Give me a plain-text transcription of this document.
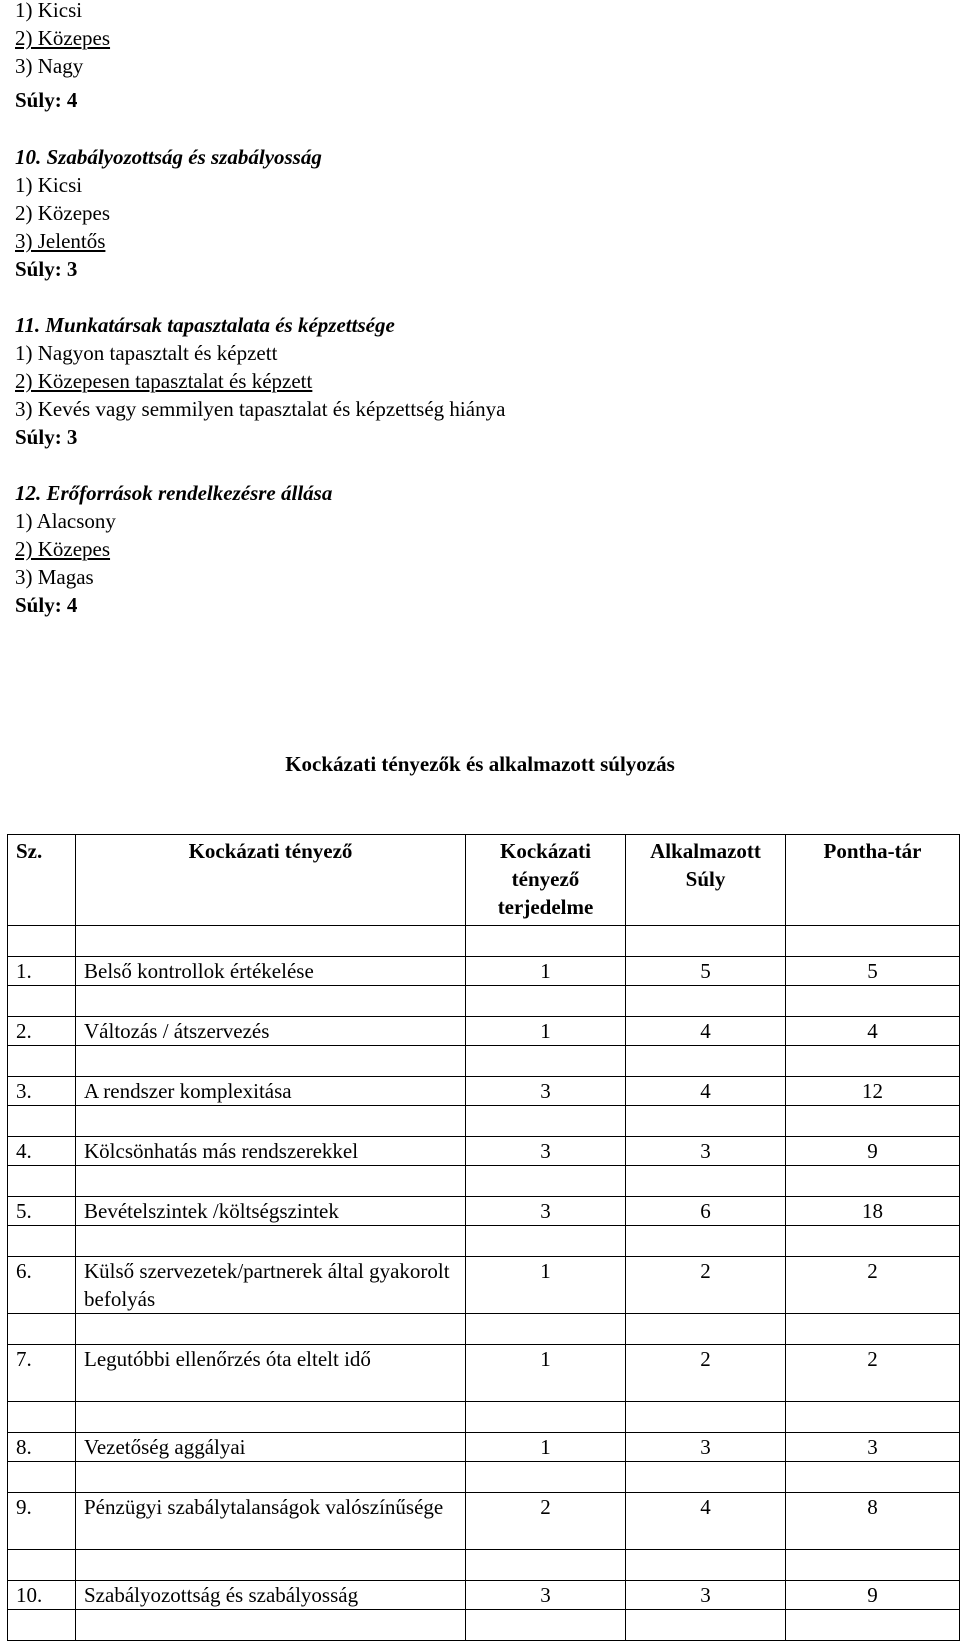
1) Kicsi
2) Közepes
3) Nagy
Súly: 4
10. Szabályozottság és szabályosság
1) Kicsi
2) Közepes
3) Jelentős
Súly: 3
11. Munkatársak tapasztalata és képzettsége
1) Nagyon tapasztalt és képzett
2) Közepesen tapasztalat és képzett
3) Kevés vagy semmilyen tapasztalat és képzettség hiánya
Súly: 3
12. Erőforrások rendelkezésre állása
1) Alacsony
2) Közepes
3) Magas
Súly: 4
Kockázati tényezők és alkalmazott súlyozás
Sz.	Kockázati tényező	Kockázati tényező terjedelme	Alkalmazott Súly	Pontha-tár

1.	Belső kontrollok értékelése	1	5	5

2.	Változás / átszervezés	1	4	4

3.	A rendszer komplexitása	3	4	12

4.	Kölcsönhatás más rendszerekkel	3	3	9

5.	Bevételszintek /költségszintek	3	6	18

6.	Külső szervezetek/partnerek által gyakorolt befolyás	1	2	2

7.	Legutóbbi ellenőrzés óta eltelt idő	1	2	2

8.	Vezetőség aggályai	1	3	3

9.	Pénzügyi szabálytalanságok valószínűsége	2	4	8

10.	Szabályozottság és szabályosság	3	3	9
